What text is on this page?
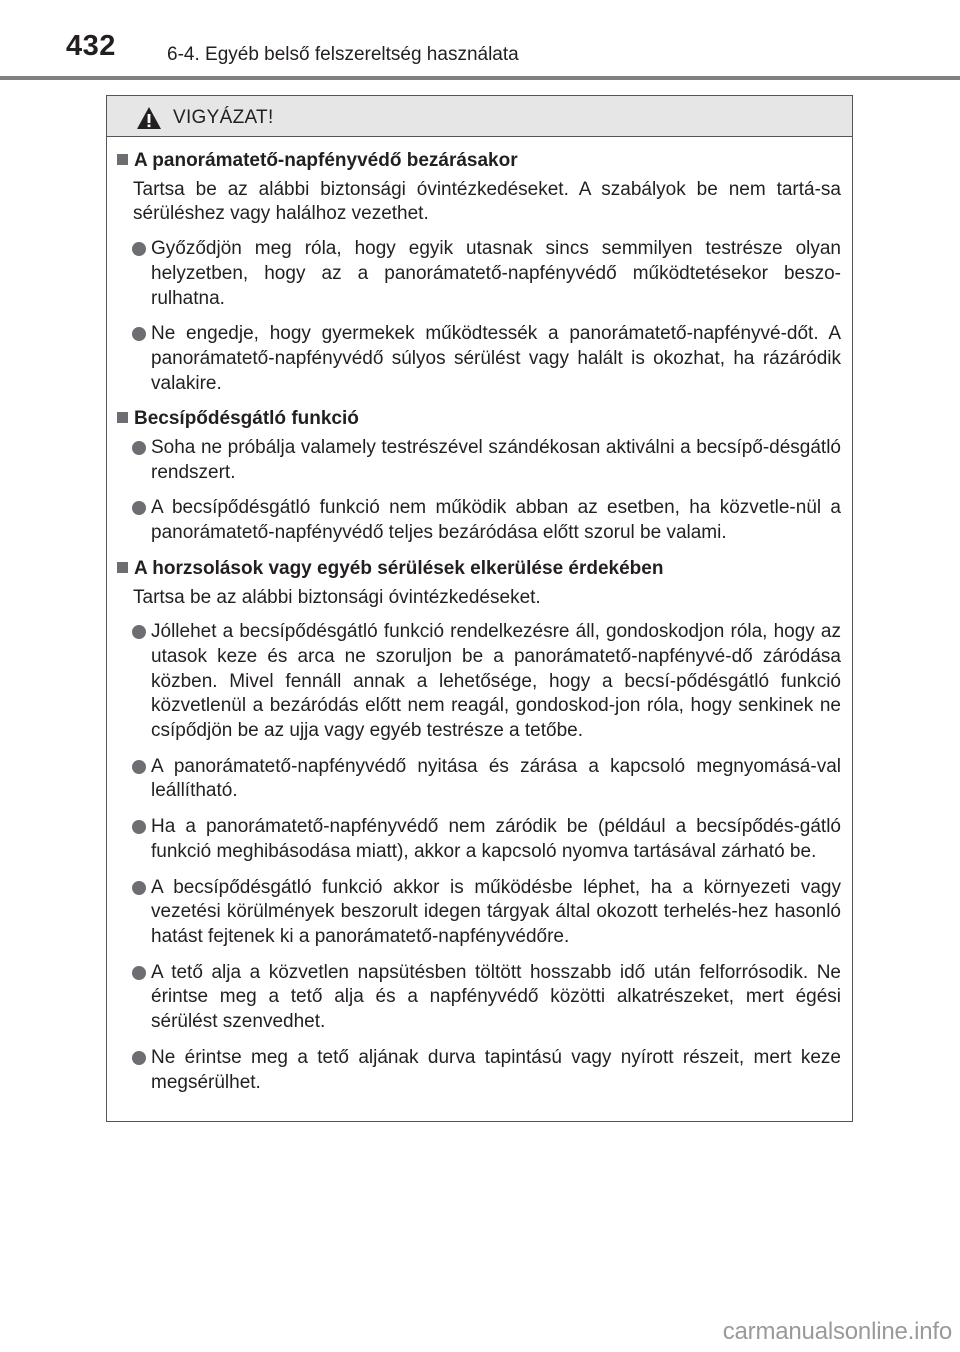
432	6-4. Egyéb belső felszereltség használata
VIGYÁZAT!
A panorámatető-napfényvédő bezárásakor
Tartsa be az alábbi biztonsági óvintézkedéseket. A szabályok be nem tartá-sa sérüléshez vagy halálhoz vezethet.
Győződjön meg róla, hogy egyik utasnak sincs semmilyen testrésze olyan helyzetben, hogy az a panorámatető-napfényvédő működtetésekor beszo-rulhatna.
Ne engedje, hogy gyermekek működtessék a panorámatető-napfényvé-dőt. A panorámatető-napfényvédő súlyos sérülést vagy halált is okozhat, ha rázáródik valakire.
Becsípődésgátló funkció
Soha ne próbálja valamely testrészével szándékosan aktiválni a becsípő-désgátló rendszert.
A becsípődésgátló funkció nem működik abban az esetben, ha közvetle-nül a panorámatető-napfényvédő teljes bezáródása előtt szorul be valami.
A horzsolások vagy egyéb sérülések elkerülése érdekében
Tartsa be az alábbi biztonsági óvintézkedéseket.
Jóllehet a becsípődésgátló funkció rendelkezésre áll, gondoskodjon róla, hogy az utasok keze és arca ne szoruljon be a panorámatető-napfényvé-dő záródása közben. Mivel fennáll annak a lehetősége, hogy a becsí-pődésgátló funkció közvetlenül a bezáródás előtt nem reagál, gondoskod-jon róla, hogy senkinek ne csípődjön be az ujja vagy egyéb testrésze a tetőbe.
A panorámatető-napfényvédő nyitása és zárása a kapcsoló megnyomásá-val leállítható.
Ha a panorámatető-napfényvédő nem záródik be (például a becsípődés-gátló funkció meghibásodása miatt), akkor a kapcsoló nyomva tartásával zárható be.
A becsípődésgátló funkció akkor is működésbe léphet, ha a környezeti vagy vezetési körülmények beszorult idegen tárgyak által okozott terhelés-hez hasonló hatást fejtenek ki a panorámatető-napfényvédőre.
A tető alja a közvetlen napsütésben töltött hosszabb idő után felforrósodik. Ne érintse meg a tető alja és a napfényvédő közötti alkatrészeket, mert égési sérülést szenvedhet.
Ne érintse meg a tető aljának durva tapintású vagy nyírott részeit, mert keze megsérülhet.
carmanualsonline.info
